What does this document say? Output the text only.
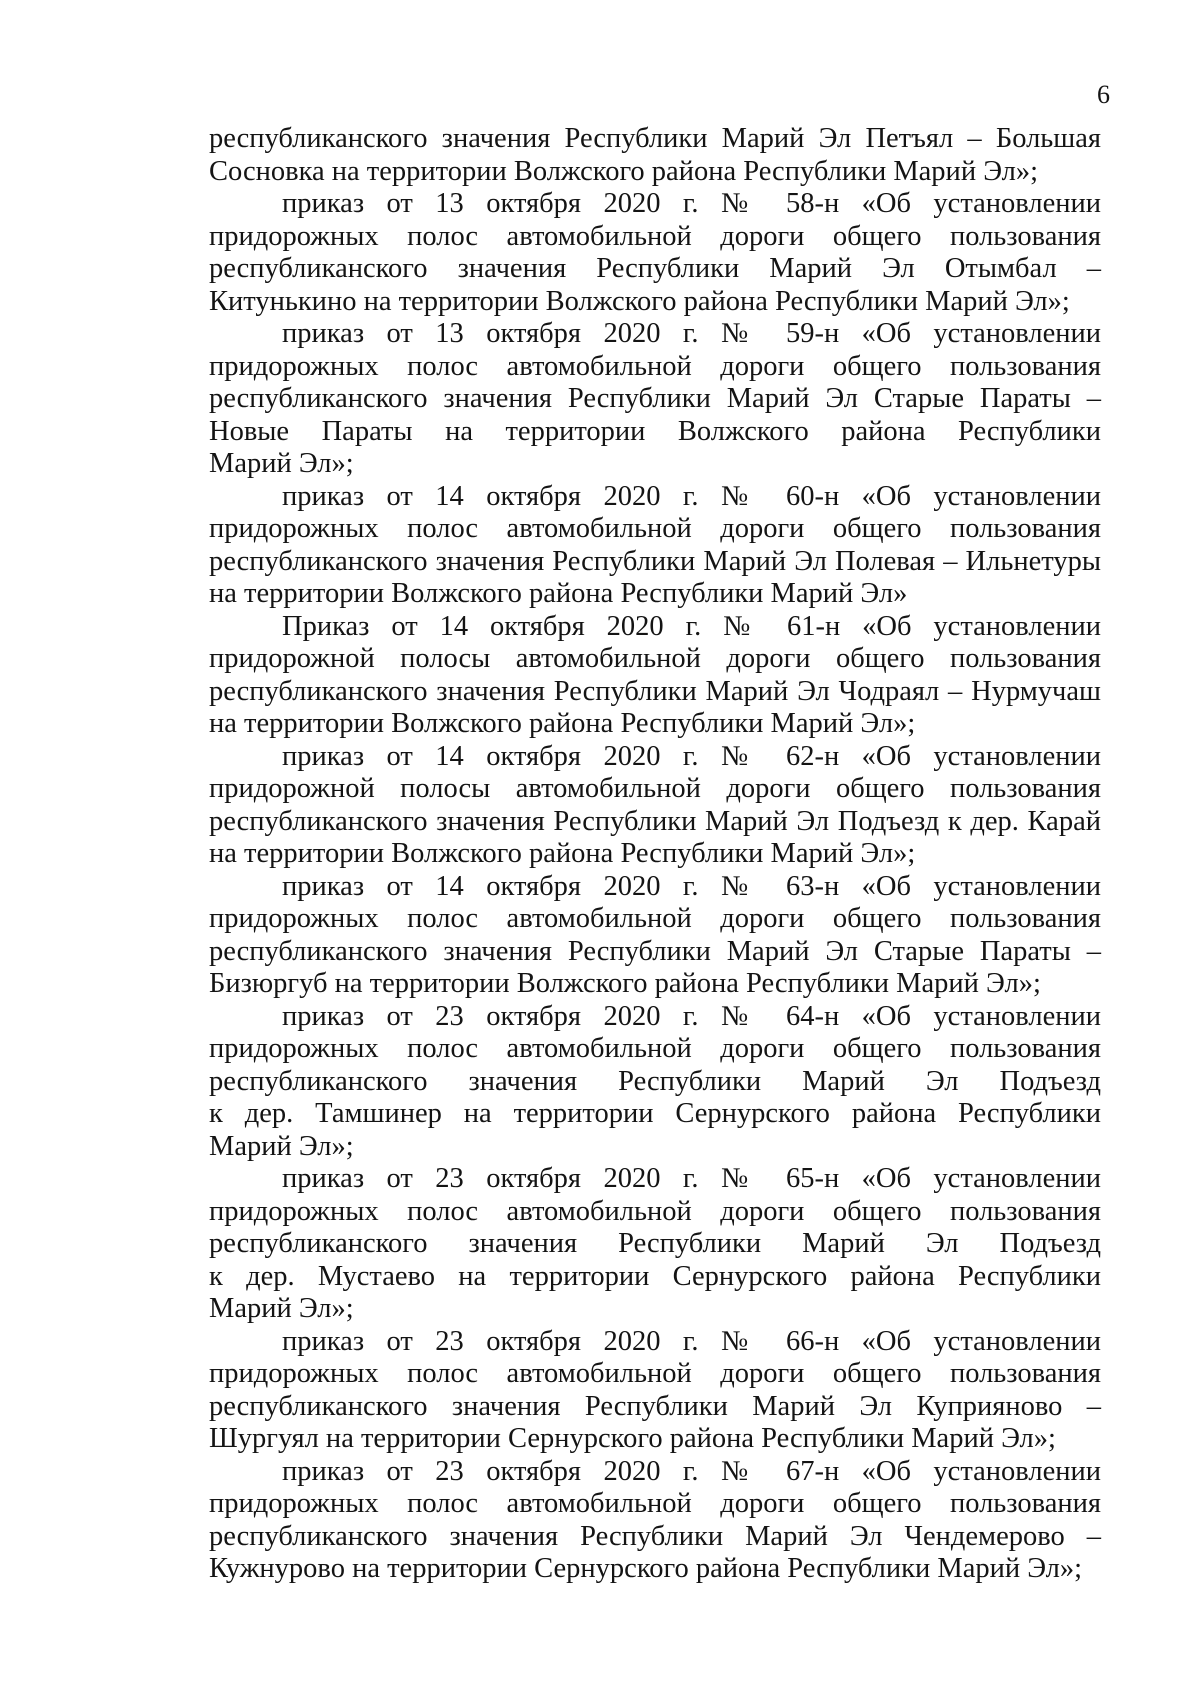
6
республиканского значения Республики Марий Эл Петъял – Большая
Сосновка на территории Волжского района Республики Марий Эл»;
приказ от 13 октября 2020 г. № 58-н «Об установлении
придорожных полос автомобильной дороги общего пользования
республиканского значения Республики Марий Эл Отымбал –
Китунькино на территории Волжского района Республики Марий Эл»;
приказ от 13 октября 2020 г. № 59-н «Об установлении
придорожных полос автомобильной дороги общего пользования
республиканского значения Республики Марий Эл Старые Параты –
Новые Параты на территории Волжского района Республики
Марий Эл»;
приказ от 14 октября 2020 г. № 60-н «Об установлении
придорожных полос автомобильной дороги общего пользования
республиканского значения Республики Марий Эл Полевая – Ильнетуры
на территории Волжского района Республики Марий Эл»
Приказ от 14 октября 2020 г. № 61-н «Об установлении
придорожной полосы автомобильной дороги общего пользования
республиканского значения Республики Марий Эл Чодраял – Нурмучаш
на территории Волжского района Республики Марий Эл»;
приказ от 14 октября 2020 г. № 62-н «Об установлении
придорожной полосы автомобильной дороги общего пользования
республиканского значения Республики Марий Эл Подъезд к дер. Карай
на территории Волжского района Республики Марий Эл»;
приказ от 14 октября 2020 г. № 63-н «Об установлении
придорожных полос автомобильной дороги общего пользования
республиканского значения Республики Марий Эл Старые Параты –
Бизюргуб на территории Волжского района Республики Марий Эл»;
приказ от 23 октября 2020 г. № 64-н «Об установлении
придорожных полос автомобильной дороги общего пользования
республиканского значения Республики Марий Эл Подъезд
к дер. Тамшинер на территории Сернурского района Республики
Марий Эл»;
приказ от 23 октября 2020 г. № 65-н «Об установлении
придорожных полос автомобильной дороги общего пользования
республиканского значения Республики Марий Эл Подъезд
к дер. Мустаево на территории Сернурского района Республики
Марий Эл»;
приказ от 23 октября 2020 г. № 66-н «Об установлении
придорожных полос автомобильной дороги общего пользования
республиканского значения Республики Марий Эл Куприяново –
Шургуял на территории Сернурского района Республики Марий Эл»;
приказ от 23 октября 2020 г. № 67-н «Об установлении
придорожных полос автомобильной дороги общего пользования
республиканского значения Республики Марий Эл Чендемерово –
Кужнурово на территории Сернурского района Республики Марий Эл»;
